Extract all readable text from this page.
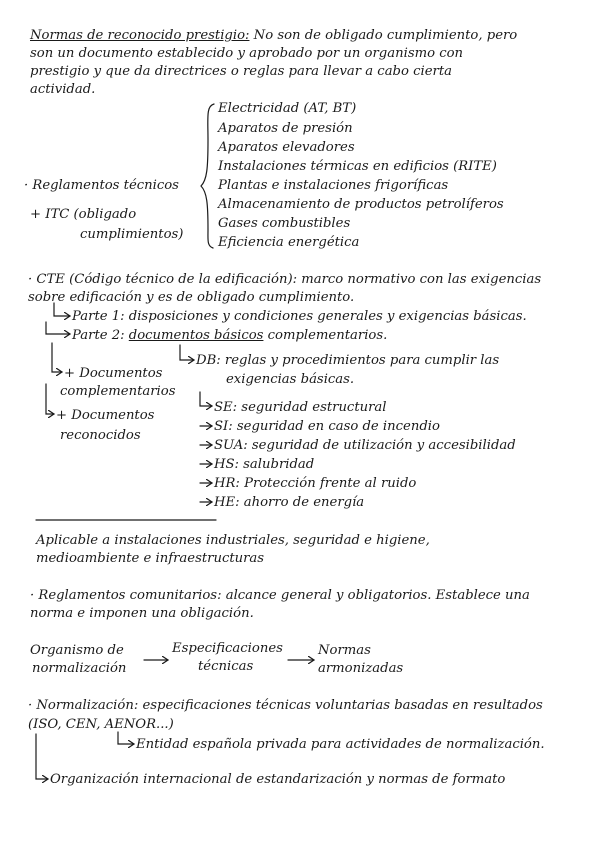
Normas de reconocido prestigio: No son de obligado cumplimiento, pero
son un documento establecido y aprobado por un organismo con
prestigio y que da directrices o reglas para llevar a cabo cierta
actividad.
Electricidad (AT, BT)
Aparatos de presión
Aparatos elevadores
Instalaciones térmicas en edificios (RITE)
Plantas e instalaciones frigoríficas
Almacenamiento de productos petrolíferos
Gases combustibles
Eficiencia energética
· Reglamentos técnicos
+ ITC (obligado
cumplimientos)
· CTE (Código técnico de la edificación): marco normativo con las exigencias
sobre edificación y es de obligado cumplimiento.
Parte 1: disposiciones y condiciones generales y exigencias básicas.
Parte 2: documentos básicos complementarios.
DB: reglas y procedimientos para cumplir las
exigencias básicas.
+ Documentos
complementarios
+ Documentos
reconocidos
SE: seguridad estructural
SI: seguridad en caso de incendio
SUA: seguridad de utilización y accesibilidad
HS: salubridad
HR: Protección frente al ruido
HE: ahorro de energía
Aplicable a instalaciones industriales, seguridad e higiene,
medioambiente e infraestructuras
· Reglamentos comunitarios: alcance general y obligatorios. Establece una
norma e imponen una obligación.
Organismo de
normalización
Especificaciones
técnicas
Normas
armonizadas
· Normalización: especificaciones técnicas voluntarias basadas en resultados
(ISO, CEN, AENOR...)
Entidad española privada para actividades de normalización.
Organización internacional de estandarización y normas de formato
